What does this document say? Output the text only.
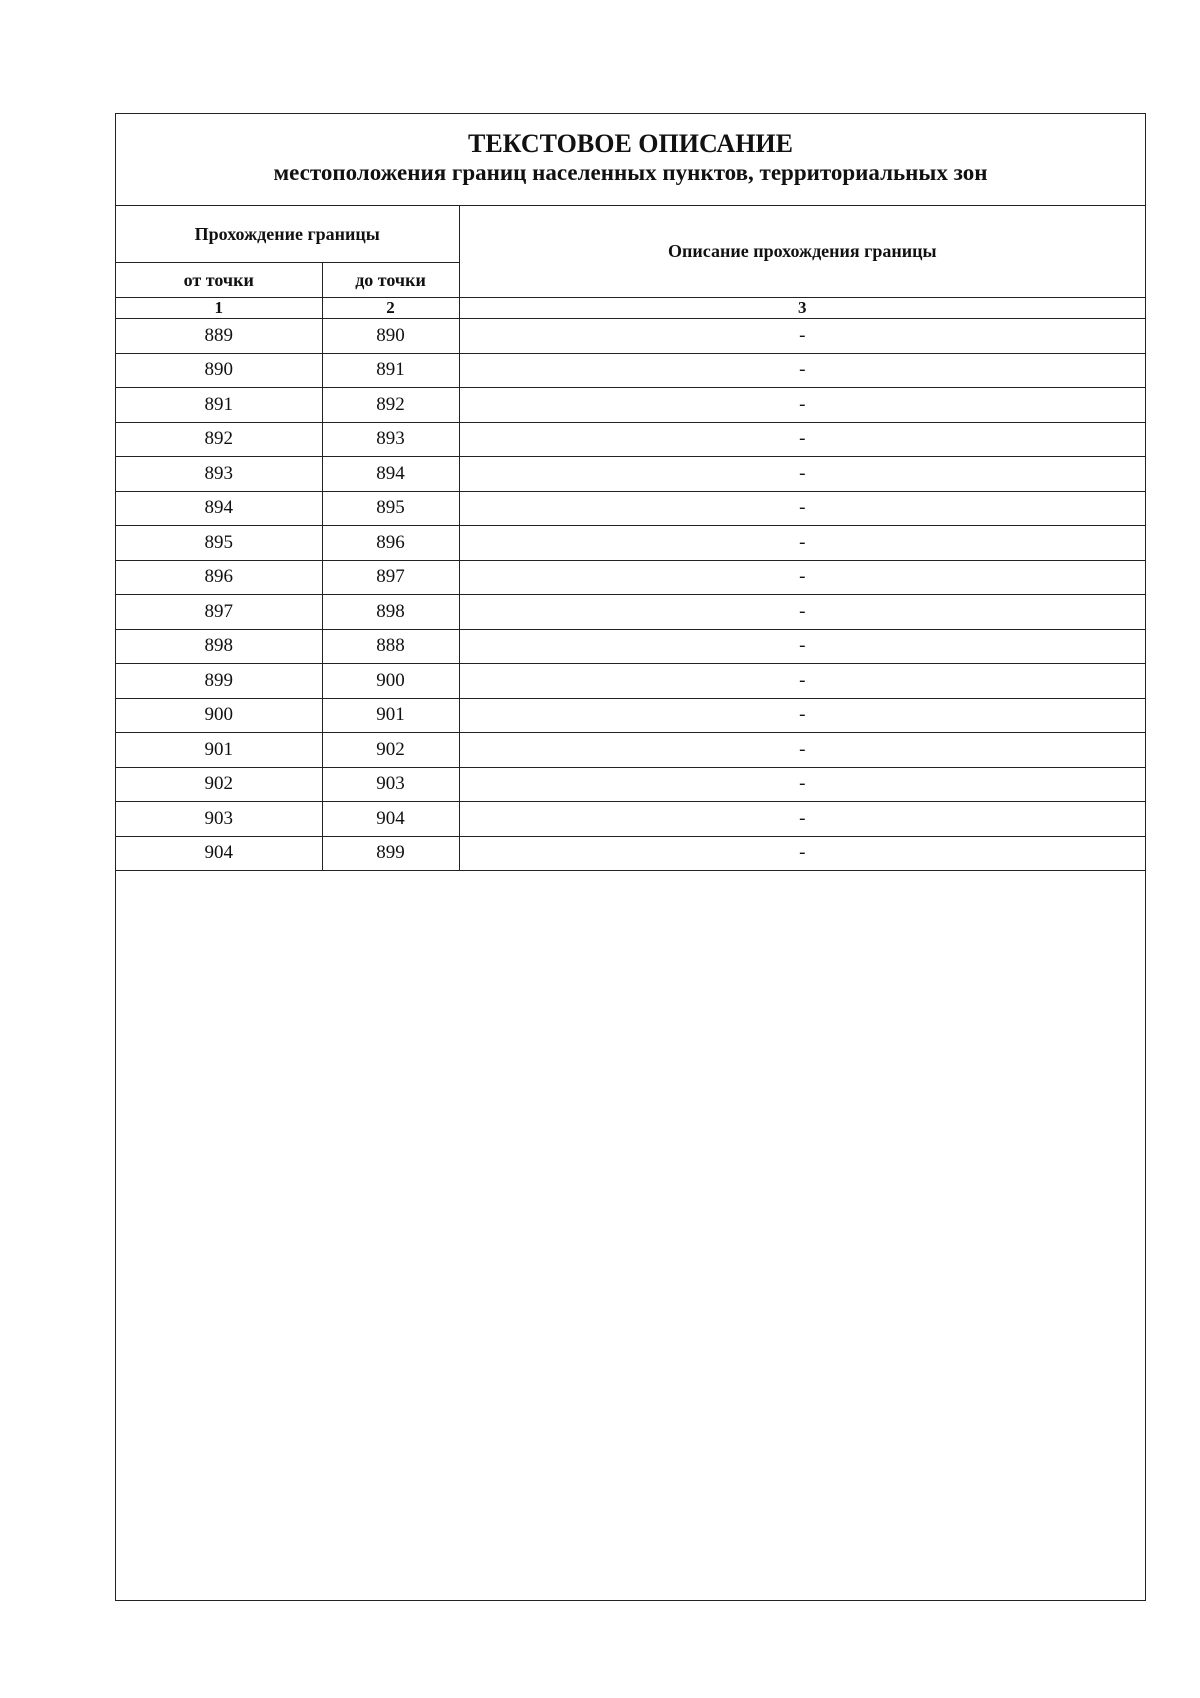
ТЕКСТОВОЕ ОПИСАНИЕ
местоположения границ населенных пунктов, территориальных зон
Прохождение границы		Описание прохождения границы
от точки	до точки	
1	2	3
889	890	-
890	891	-
891	892	-
892	893	-
893	894	-
894	895	-
895	896	-
896	897	-
897	898	-
898	888	-
899	900	-
900	901	-
901	902	-
902	903	-
903	904	-
904	899	-
